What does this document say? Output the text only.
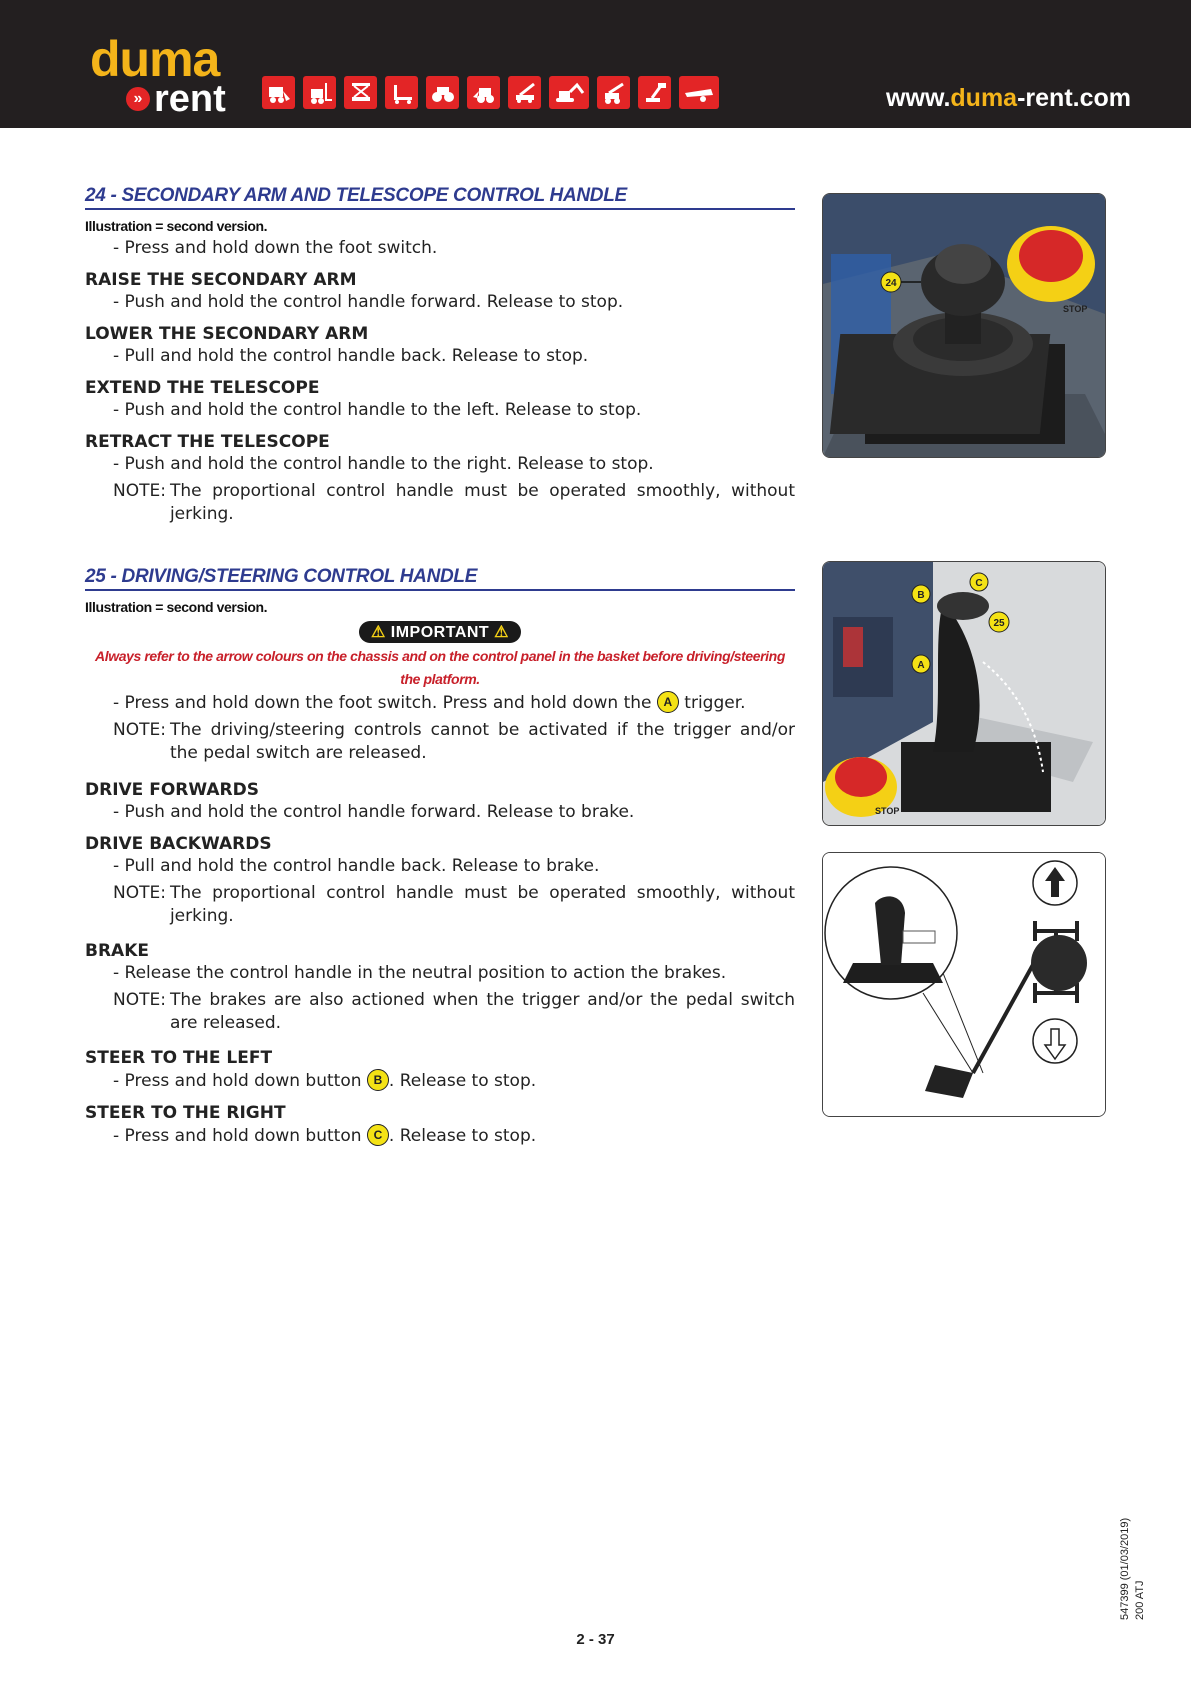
duma
» rent	www.duma-rent.com
24 - SECONDARY ARM AND TELESCOPE CONTROL HANDLE
Illustration = second version.
- Press and hold down the foot switch.
RAISE THE SECONDARY ARM
- Push and hold the control handle forward. Release to stop.
LOWER THE SECONDARY ARM
- Pull and hold the control handle back. Release to stop.
EXTEND THE TELESCOPE
- Push and hold the control handle to the left. Release to stop.
RETRACT THE TELESCOPE
- Push and hold the control handle to the right. Release to stop.
NOTE: The proportional control handle must be operated smoothly, without jerking.
25 - DRIVING/STEERING CONTROL HANDLE
Illustration = second version.
⚠ IMPORTANT ⚠
Always refer to the arrow colours on the chassis and on the control panel in the basket before driving/steering the platform.
- Press and hold down the foot switch. Press and hold down the A trigger.
NOTE: The driving/steering controls cannot be activated if the trigger and/or the pedal switch are released.
DRIVE FORWARDS
- Push and hold the control handle forward. Release to brake.
DRIVE BACKWARDS
- Pull and hold the control handle back. Release to brake.
NOTE: The proportional control handle must be operated smoothly, without jerking.
BRAKE
- Release the control handle in the neutral position to action the brakes.
NOTE: The brakes are also actioned when the trigger and/or the pedal switch are released.
STEER TO THE LEFT
- Press and hold down button B . Release to stop.
STEER TO THE RIGHT
- Press and hold down button C . Release to stop.
STOP
24
STOP
B
C
25
A
547399 (01/03/2019) 200 ATJ
2 - 37
